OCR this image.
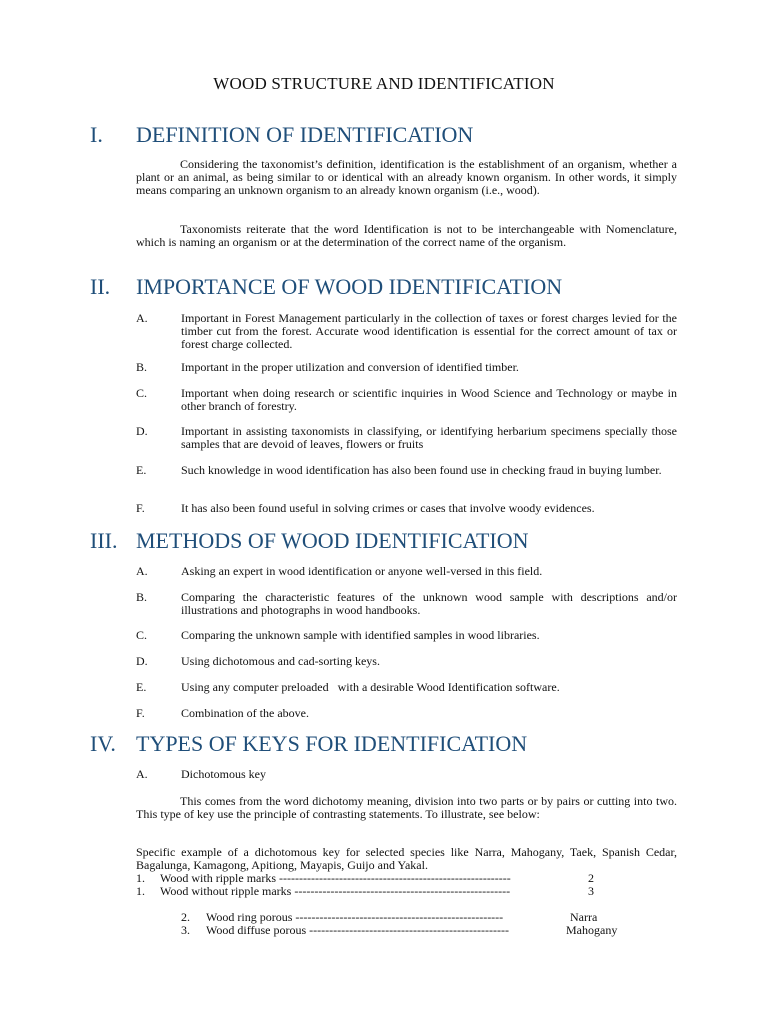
WOOD STRUCTURE AND IDENTIFICATION
I. DEFINITION OF IDENTIFICATION
Considering the taxonomist’s definition, identification is the establishment of an organism, whether a plant or an animal, as being similar to or identical with an already known organism. In other words, it simply means comparing an unknown organism to an already known organism (i.e., wood).
Taxonomists reiterate that the word Identification is not to be interchangeable with Nomenclature, which is naming an organism or at the determination of the correct name of the organism.
II. IMPORTANCE OF WOOD IDENTIFICATION
A.	Important in Forest Management particularly in the collection of taxes or forest charges levied for the timber cut from the forest. Accurate wood identification is essential for the correct amount of tax or forest charge collected.
B.	Important in the proper utilization and conversion of identified timber.
C.	Important when doing research or scientific inquiries in Wood Science and Technology or maybe in other branch of forestry.
D.	Important in assisting taxonomists in classifying, or identifying herbarium specimens specially those samples that are devoid of leaves, flowers or fruits
E.	Such knowledge in wood identification has also been found use in checking fraud in buying lumber.
F.	It has also been found useful in solving crimes or cases that involve woody evidences.
III. METHODS OF WOOD IDENTIFICATION
A.	Asking an expert in wood identification or anyone well-versed in this field.
B.	Comparing the characteristic features of the unknown wood sample with descriptions and/or illustrations and photographs in wood handbooks.
C.	Comparing the unknown sample with identified samples in wood libraries.
D.	Using dichotomous and cad-sorting keys.
E.	Using any computer preloaded   with a desirable Wood Identification software.
F.	Combination of the above.
IV. TYPES OF KEYS FOR IDENTIFICATION
A.	Dichotomous key
This comes from the word dichotomy meaning, division into two parts or by pairs or cutting into two. This type of key use the principle of contrasting statements. To illustrate, see below:
Specific example of a dichotomous key for selected species like Narra, Mahogany, Taek, Spanish Cedar, Bagalunga, Kamagong, Apitiong, Mayapis, Guijo and Yakal.
1. Wood with ripple marks ----------------------------------------------------------	2
1. Wood without ripple marks ------------------------------------------------------	3
2. Wood ring porous ----------------------------------------------------	Narra
3. Wood diffuse porous --------------------------------------------------	Mahogany
